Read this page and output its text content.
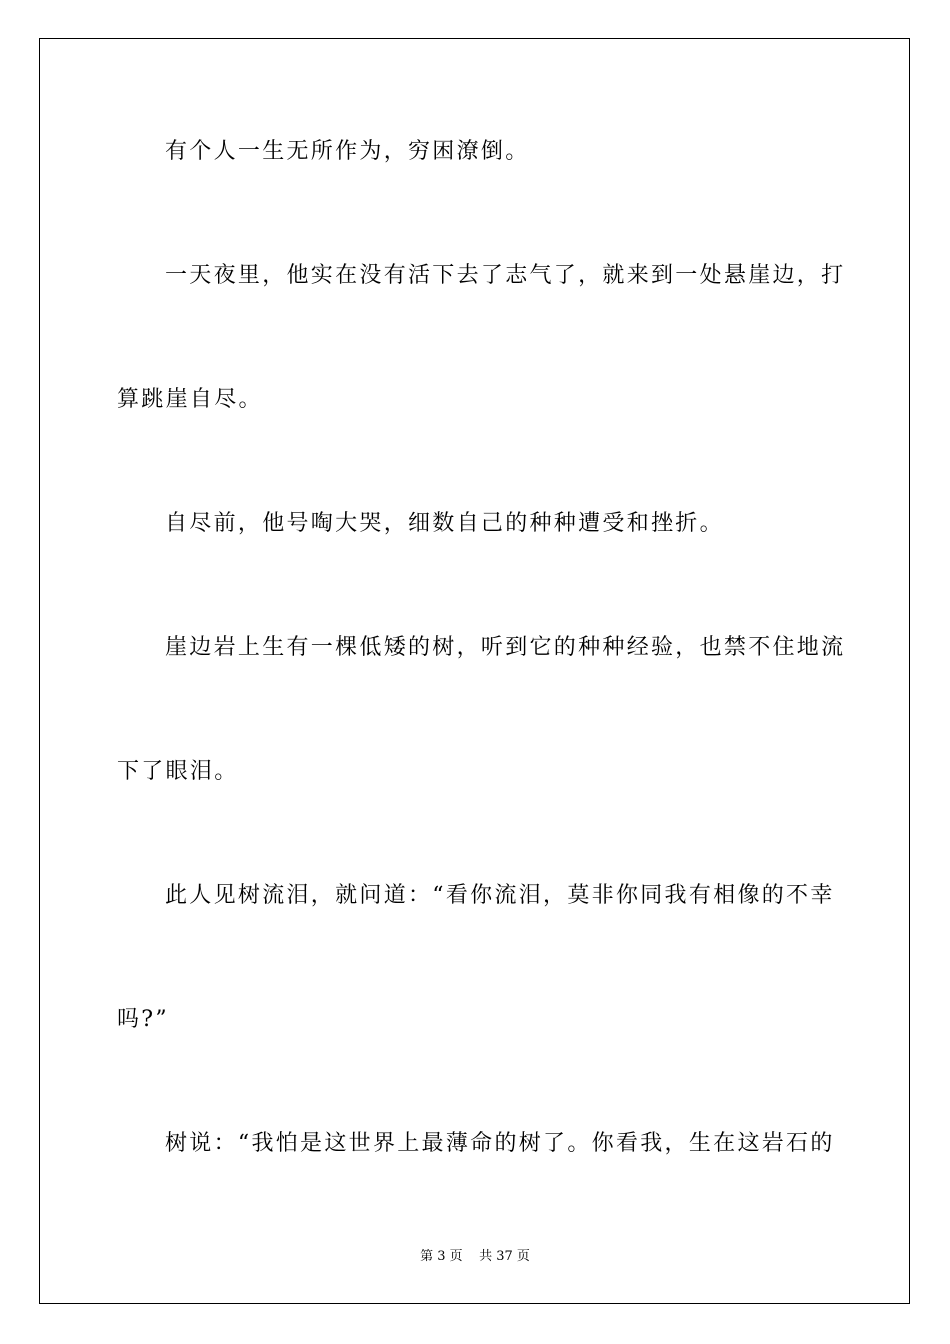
有个人一生无所作为，穷困潦倒。
一天夜里，他实在没有活下去了志气了，就来到一处悬崖边，打
算跳崖自尽。
自尽前，他号啕大哭，细数自己的种种遭受和挫折。
崖边岩上生有一棵低矮的树，听到它的种种经验，也禁不住地流
下了眼泪。
此人见树流泪，就问道：“看你流泪，莫非你同我有相像的不幸
吗?”
树说：“我怕是这世界上最薄命的树了。你看我，生在这岩石的
第 3 页    共 37 页
